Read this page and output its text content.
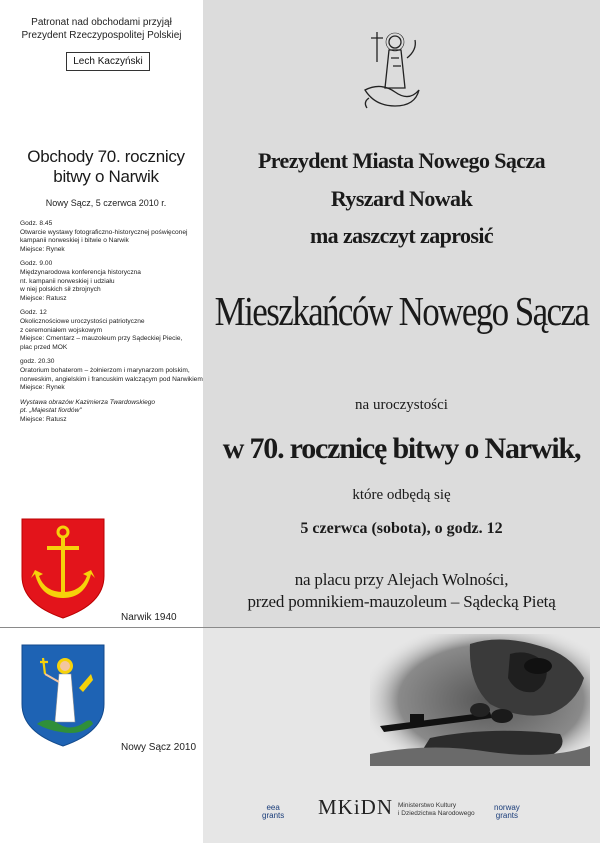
Patronat nad obchodami przyjął
Prezydent Rzeczypospolitej Polskiej
Lech Kaczyński
Obchody 70. rocznicy
bitwy o Narwik
Nowy Sącz, 5 czerwca 2010 r.
Godz. 8.45
Otwarcie wystawy fotograficzno-historycznej poświęconej
kampanii norweskiej i bitwie o Narwik
Miejsce: Rynek
Godz. 9.00
Międzynarodowa konferencja historyczna
nt. kampanii norweskiej i udziału
w niej polskich sił zbrojnych
Miejsce: Ratusz
Godz. 12
Okolicznościowe uroczystości patriotyczne
z ceremoniałem wojskowym
Miejsce: Cmentarz – mauzoleum przy Sądeckiej Piecie,
plac przed MOK
godz. 20.30
Oratorium bohaterom – żołnierzom i marynarzom polskim,
norweskim, angielskim i francuskim walczącym pod Narwikiem
Miejsce: Rynek
Wystawa obrazów Kazimierza Twardowskiego
pt. „Majestat fiordów"
Miejsce: Ratusz
Narwik 1940
Nowy Sącz 2010
Prezydent Miasta Nowego Sącza
Ryszard Nowak
ma zaszczyt zaprosić
Mieszkańców Nowego Sącza
na uroczystości
w 70. rocznicę bitwy o Narwik,
które odbędą się
5 czerwca (sobota), o godz. 12
na placu przy Alejach Wolności,
przed pomnikiem-mauzoleum – Sądecką Pietą
eea
grants MKiDN Ministerstwo Kultury
i Dziedzictwa Narodowego
norway
grants
